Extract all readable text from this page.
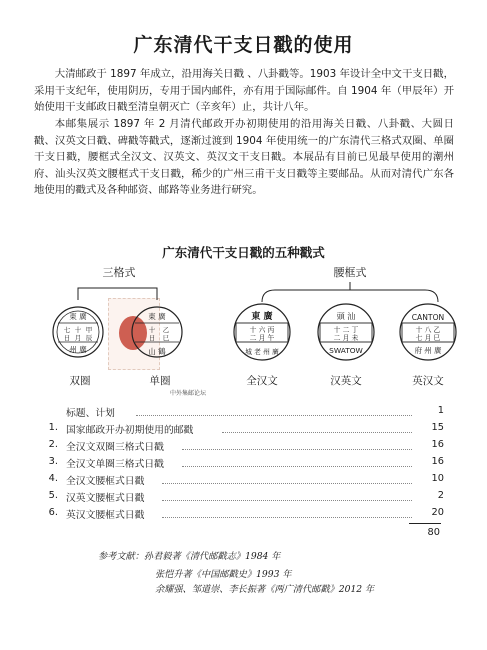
广东清代干支日戳的使用

大清邮政于 1897 年成立，沿用海关日戳 、八卦戳等。1903 年设计全中文干支日戳，采用干支纪年，使用阴历，专用于国内邮件，亦有用于国际邮件。自 1904 年（甲辰年）开始使用干支邮政日戳至清皇朝灭亡（辛亥年）止，共计八年。

本邮集展示 1897 年 2 月清代邮政开办初期使用的沿用海关日戳、八卦戳、大圆日戳、汉英文日戳、碑戳等戳式，逐渐过渡到 1904 年使用统一的广东清代三格式双圈、单圈干支日戳，腰框式全汉文、汉英文、英汉文干支日戳。本展品有目前已见最早使用的潮州府、汕头汉英文腰框式干支日戳，稀少的广州三甫干支日戳等主要邮品。从而对清代广东各地使用的戳式及各种邮资、邮路等业务进行研究。

广东清代干支日戳的五种戳式
三格式	腰框式
東 廣
七 十 甲
日 月 辰
州 廣
双圈
東 廣
十 乙
日 巳
山 鶴
单圈
東 廣
十 六 丙
二 月 午
城 老 州 廣
全汉文
頭 汕
十 二 丁
二 月 未
SWATOW
汉英文
CANTON
十 八 乙
七 月 巳
府 州 廣
英汉文
中外集邮论坛
标题、计划	1
1. 国家邮政开办初期使用的邮戳	15
2. 全汉文双圈三格式日戳	16
3. 全汉文单圈三格式日戳	16
4. 全汉文腰框式日戳	10
5. 汉英文腰框式日戳	2
6. 英汉文腰框式日戳	20
80
参考文献：孙君毅著《清代邮戳志》1984 年
张恺升著《中国邮戳史》1993 年
余耀强、邹道崇、李长振著《两广清代邮戳》2012 年
